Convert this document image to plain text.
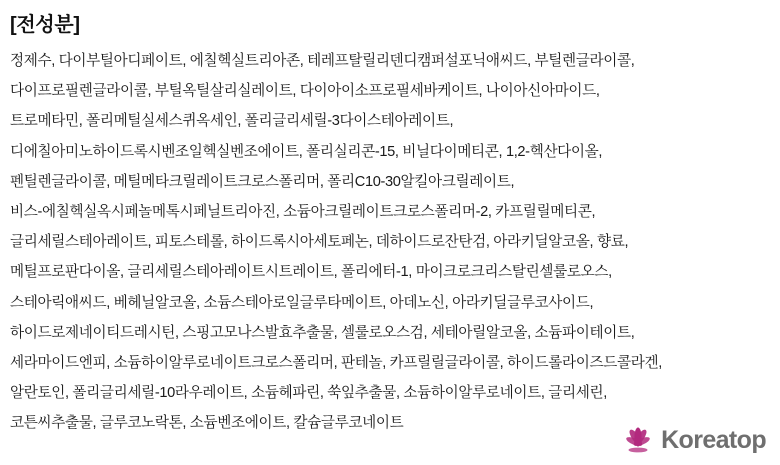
[전성분]
정제수, 다이부틸아디페이트, 에칠헥실트리아존, 테레프탈릴리덴디캠퍼설포닉애씨드, 부틸렌글라이콜,
다이프로필렌글라이콜, 부틸옥틸살리실레이트, 다이아이소프로필세바케이트, 나이아신아마이드,
트로메타민, 폴리메틸실세스퀴옥세인, 폴리글리세릴-3다이스테아레이트,
디에칠아미노하이드록시벤조일헥실벤조에이트, 폴리실리콘-15, 비닐다이메티콘, 1,2-헥산다이올,
펜틸렌글라이콜, 메틸메타크릴레이트크로스폴리머, 폴리C10-30알킬아크릴레이트,
비스-에칠헥실옥시페놀메톡시페닐트리아진, 소듐아크릴레이트크로스폴리머-2, 카프릴릴메티콘,
글리세릴스테아레이트, 피토스테롤, 하이드록시아세토페논, 데하이드로잔탄검, 아라키딜알코올, 향료,
메틸프로판다이올, 글리세릴스테아레이트시트레이트, 폴리에터-1, 마이크로크리스탈린셀룰로오스,
스테아릭애씨드, 베헤닐알코올, 소듐스테아로일글루타메이트, 아데노신, 아라키딜글루코사이드,
하이드로제네이티드레시틴, 스핑고모나스발효추출물, 셀룰로오스검, 세테아릴알코올, 소듐파이테이트,
세라마이드엔피, 소듐하이알루로네이트크로스폴리머, 판테놀, 카프릴릴글라이콜, 하이드롤라이즈드콜라겐,
알란토인, 폴리글리세릴-10라우레이트, 소듐헤파린, 쑥잎추출물, 소듐하이알루로네이트, 글리세린,
코튼씨추출물, 글루코노락톤, 소듐벤조에이트, 칼슘글루코네이트
Koreatop
